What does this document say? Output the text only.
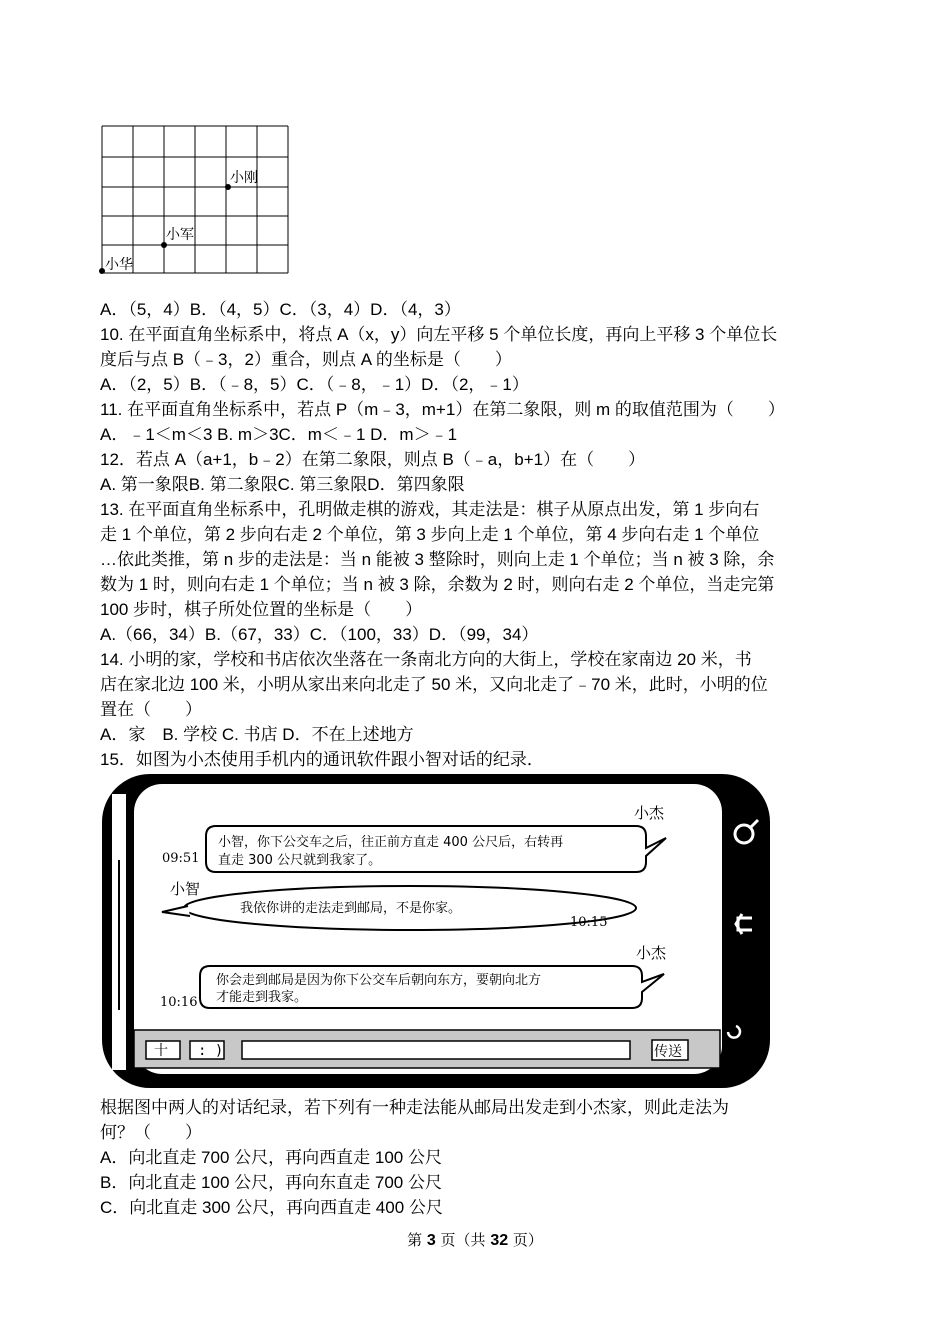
小刚
小军
小华
A．（5，4）B．（4，5）C．（3，4）D．（4，3）
10. 在平面直角坐标系中，将点 A（x，y）向左平移 5 个单位长度，再向上平移 3 个单位长
度后与点 B（﹣3，2）重合，则点 A 的坐标是（　　）
A．（2，5）B．（﹣8，5）C．（﹣8，﹣1）D．（2，﹣1）
11. 在平面直角坐标系中，若点 P（m﹣3，m+1）在第二象限，则 m 的取值范围为（　　）
A．﹣1＜m＜3 B. m＞3C．m＜﹣1 D．m＞﹣1
12．若点 A（a+1，b﹣2）在第二象限，则点 B（﹣a，b+1）在（　　）
A. 第一象限B. 第二象限C. 第三象限D．第四象限
13. 在平面直角坐标系中，孔明做走棋的游戏，其走法是：棋子从原点出发，第 1 步向右
走 1 个单位，第 2 步向右走 2 个单位，第 3 步向上走 1 个单位，第 4 步向右走 1 个单位
…依此类推，第 n 步的走法是：当 n 能被 3 整除时，则向上走 1 个单位；当 n 被 3 除，余
数为 1 时，则向右走 1 个单位；当 n 被 3 除，余数为 2 时，则向右走 2 个单位，当走完第
100 步时，棋子所处位置的坐标是（　　）
A.（66，34）B.（67，33）C．（100，33）D．（99，34）
14. 小明的家，学校和书店依次坐落在一条南北方向的大街上，学校在家南边 20 米，书
店在家北边 100 米，小明从家出来向北走了 50 米，又向北走了﹣70 米，此时，小明的位
置在（　　）
A．家　B. 学校 C. 书店 D．不在上述地方
15．如图为小杰使用手机内的通讯软件跟小智对话的纪录．
小杰
小智，你下公交车之后，往正前方直走 400 公尺后，右转再
直走 300 公尺就到我家了。
09:51
小智
我依你讲的走法走到邮局，不是你家。
10:15
小杰
你会走到邮局是因为你下公交车后朝向东方，要朝向北方
才能走到我家。
10:16
十 : )	传送
根据图中两人的对话纪录，若下列有一种走法能从邮局出发走到小杰家，则此走法为
何？（　　）
A．向北直走 700 公尺，再向西直走 100 公尺
B．向北直走 100 公尺，再向东直走 700 公尺
C．向北直走 300 公尺，再向西直走 400 公尺
第 3 页（共 32 页）
